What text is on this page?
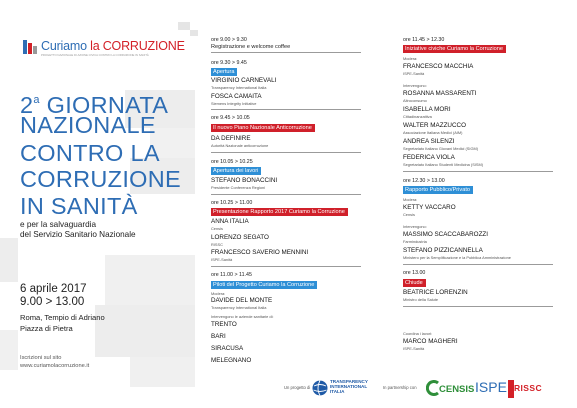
Curiamo la CORRUZIONE
PROGETTO NAZIONALE DI AZIONE CIVICA CONTRO LA CORRUZIONE IN SANITÀ
2$^a$ GIORNATA
NAZIONALE
CONTRO LA
CORRUZIONE
IN SANITÀ
e per la salvaguardia
del Servizio Sanitario Nazionale
6 aprile 2017
9.00 > 13.00
Roma, Tempio di Adriano
Piazza di Pietra
Iscrizioni sul sito
www.curiamolacorruzione.it
ore 9.00 > 9.30
Registrazione e welcome coffee
ore 9.30 > 9.45
Apertura
VIRGINIO CARNEVALI
Transparency International Italia
FOSCA CAMAITA
Siemens Integrity Initiative
ore 9.45 > 10.05
Il nuovo Piano Nazionale Anticorruzione
DA DEFINIRE
Autorità Nazionale anticorruzione
ore 10.05 > 10.25
Apertura dei lavori
STEFANO BONACCINI
Presidente Conferenza Regioni
ore 10.25 > 11.00
Presentazione Rapporto 2017 Curiamo la Corruzione
ANNA ITALIA
Censis
LORENZO SEGATO
RISSC
FRANCESCO SAVERIO MENNINI
ISPE-Sanità
ore 11.00 > 11.45
Piloti del Progetto Curiamo la Corruzione
Modera:
DAVIDE DEL MONTE
Transparency International Italia
Intervengono le aziende sanitarie di:
TRENTO
BARI
SIRACUSA
MELEGNANO
ore 11.45 > 12.30
Iniziative civiche Curiamo la Corruzione
Modera:
FRANCESCO MACCHIA
ISPE-Sanità
Intervengono:
ROSANNA MASSARENTI
Altroconsumo
ISABELLA MORI
Cittadinanzattiva
WALTER MAZZUCCO
Associazione Italiana Medici (AIM)
ANDREA SILENZI
Segretariato Italiano Giovani Medici (SIGM)
FEDERICA VIOLA
Segretariato Italiano Studenti Medicina (SISM)
ore 12.30 > 13.00
Rapporto Pubblico/Privato
Modera:
KETTY VACCARO
Censis
Intervengono:
MASSIMO SCACCABAROZZI
Farmindustria
STEFANO PIZZICANNELLA
Ministero per la Semplificazione e la Pubblica Amministrazione
ore 13.00
Chiude
BEATRICE LORENZIN
Ministro della Salute
Coordina i lavori:
MARCO MAGHERI
ISPE-Sanità
Un progetto di
TRANSPARENCY
INTERNATIONAL
ITALIA
In partnership con CENSIS ISPE RISSC
